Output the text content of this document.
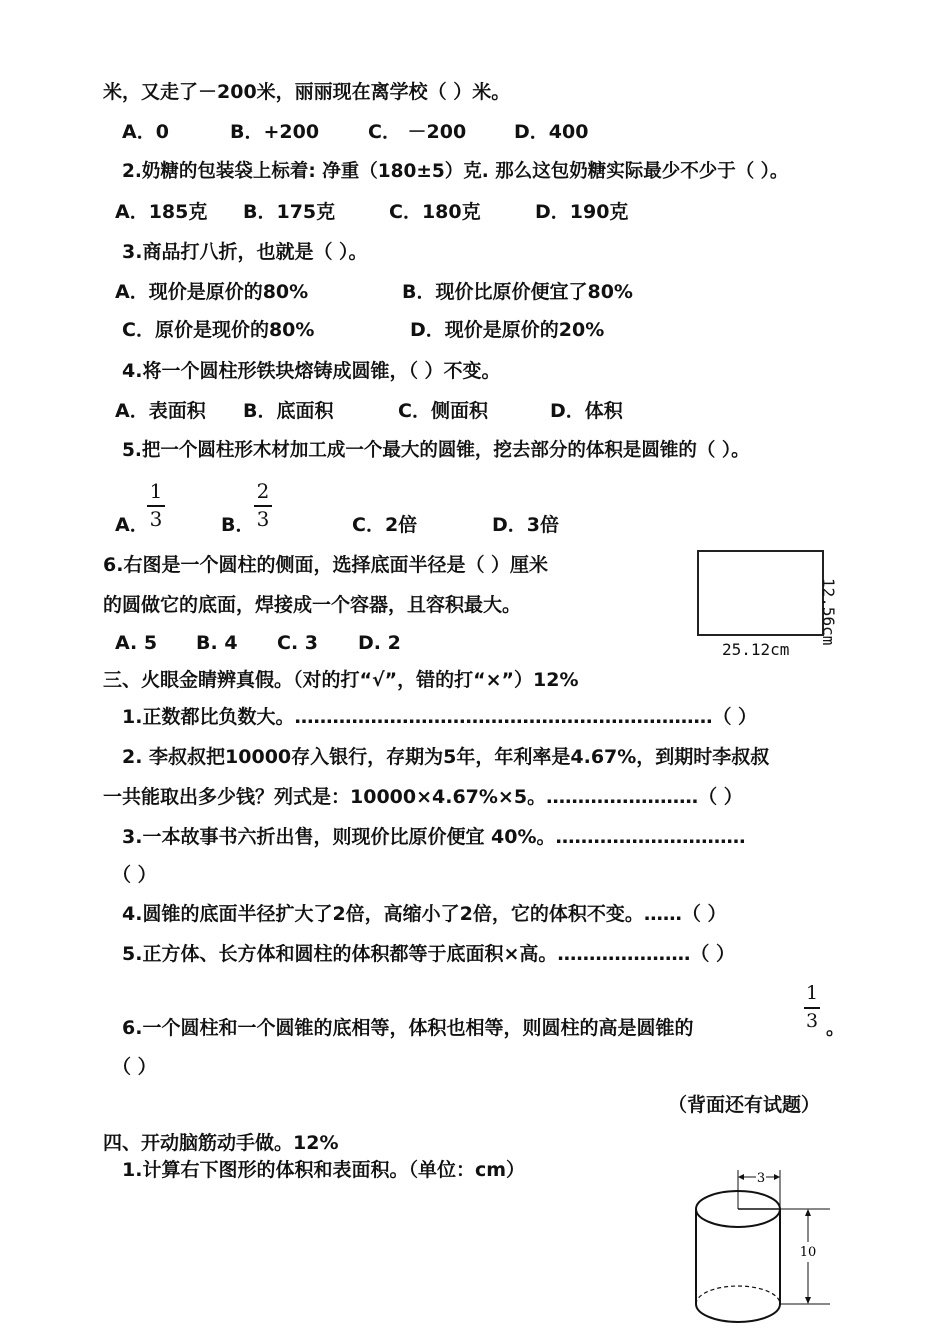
米，又走了－200米，丽丽现在离学校（ ）米。
A．0	B．+200	C． －200	D．400
2.奶糖的包装袋上标着: 净重（180±5）克. 那么这包奶糖实际最少不少于（ ）。
A．185克 B．175克	C．180克	D．190克
3.商品打八折，也就是（ ）。
A．现价是原价的80%	B．现价比原价便宜了80%
C．原价是现价的80%	D．现价是原价的20%
4.将一个圆柱形铁块熔铸成圆锥，（ ）不变。
A．表面积 B．底面积	C．侧面积	D．体积
5.把一个圆柱形木材加工成一个最大的圆锥，挖去部分的体积是圆锥的（ ）。
A．
1
3	B．
2
3	C．2倍	D．3倍
6.右图是一个圆柱的侧面，选择底面半径是（ ）厘米
的圆做它的底面，焊接成一个容器，且容积最大。
A. 5 B. 4 C. 3 D. 2	12.56cm
25.12cm
三、火眼金睛辨真假。（对的打“√”，错的打“×”）12%
1.正数都比负数大。…………………………………………………………（ ）
2. 李叔叔把10000存入银行，存期为5年，年利率是4.67%，到期时李叔叔
一共能取出多少钱？列式是：10000×4.67%×5。……………………（ ）
3.一本故事书六折出售，则现价比原价便宜 40%。…………………………
（ ）
4.圆锥的底面半径扩大了2倍，高缩小了2倍，它的体积不变。……（ ）
5.正方体、长方体和圆柱的体积都等于底面积×高。…………………（ ）
6.一个圆柱和一个圆锥的底相等，体积也相等，则圆柱的高是圆锥的
1
3 。
（ ）
（背面还有试题）
四、开动脑筋动手做。12%
1.计算右下图形的体积和表面积。（单位：cm）	3
10
